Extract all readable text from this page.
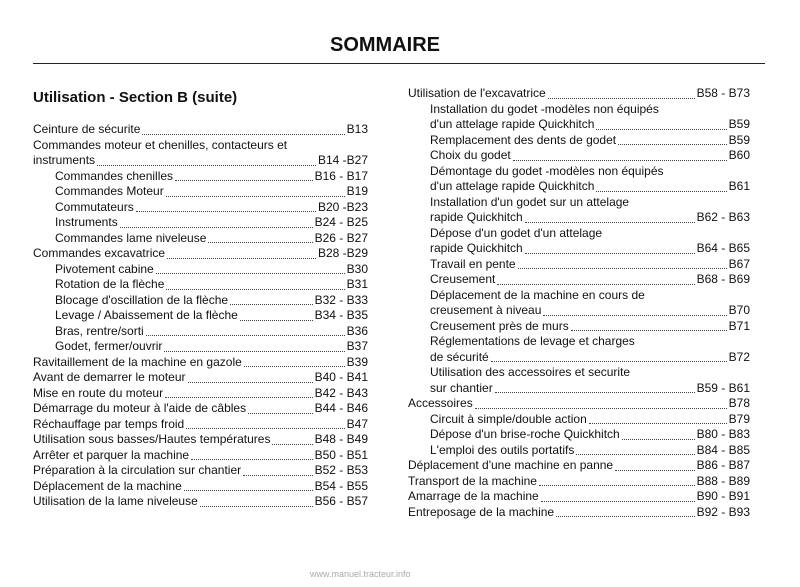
SOMMAIRE
Utilisation - Section B (suite)
Ceinture de sécurite	B13
Commandes moteur et chenilles, contacteurs et
instruments	B14 -B27
Commandes chenilles	B16 - B17
Commandes Moteur	B19
Commutateurs	B20 -B23
Instruments	B24 - B25
Commandes lame niveleuse	B26 - B27
Commandes excavatrice	B28 -B29
Pivotement cabine	B30
Rotation de la flèche	B31
Blocage d'oscillation de la flèche	B32 - B33
Levage / Abaissement de la flèche	B34 - B35
Bras, rentre/sorti	B36
Godet, fermer/ouvrir	B37
Ravitaillement de la machine en gazole	B39
Avant de demarrer le moteur	B40 - B41
Mise en route du moteur	B42 - B43
Démarrage du moteur à l'aide de câbles	B44 - B46
Réchauffage par temps froid	B47
Utilisation sous basses/Hautes températures	B48 - B49
Arrêter et parquer la machine	B50 - B51
Préparation à la circulation sur chantier	B52 - B53
Déplacement de la machine	B54 - B55
Utilisation de la lame niveleuse	B56 - B57
Utilisation de l'excavatrice	B58 - B73
Installation du godet -modèles non équipés
d'un attelage rapide Quickhitch	B59
Remplacement des dents de godet	B59
Choix du godet	B60
Démontage du godet -modèles non équipés
d'un attelage rapide Quickhitch	B61
Installation d'un godet sur un attelage
rapide Quickhitch	B62 - B63
Dépose d'un godet d'un attelage
rapide Quickhitch	B64 - B65
Travail en pente	B67
Creusement	B68 - B69
Déplacement de la machine en cours de
creusement à niveau	B70
Creusement près de murs	B71
Réglementations de levage et charges
de sécurité	B72
Utilisation des accessoires et securite
sur chantier	B59 - B61
Accessoires	B78
Circuit à simple/double action	B79
Dépose d'un brise-roche Quickhitch	B80 - B83
L'emploi des outils portatifs	B84 - B85
Déplacement d'une machine en panne	B86 - B87
Transport de la machine	B88 - B89
Amarrage de la machine	B90 - B91
Entreposage de la machine	B92 - B93
www.manuel.tracteur.info
